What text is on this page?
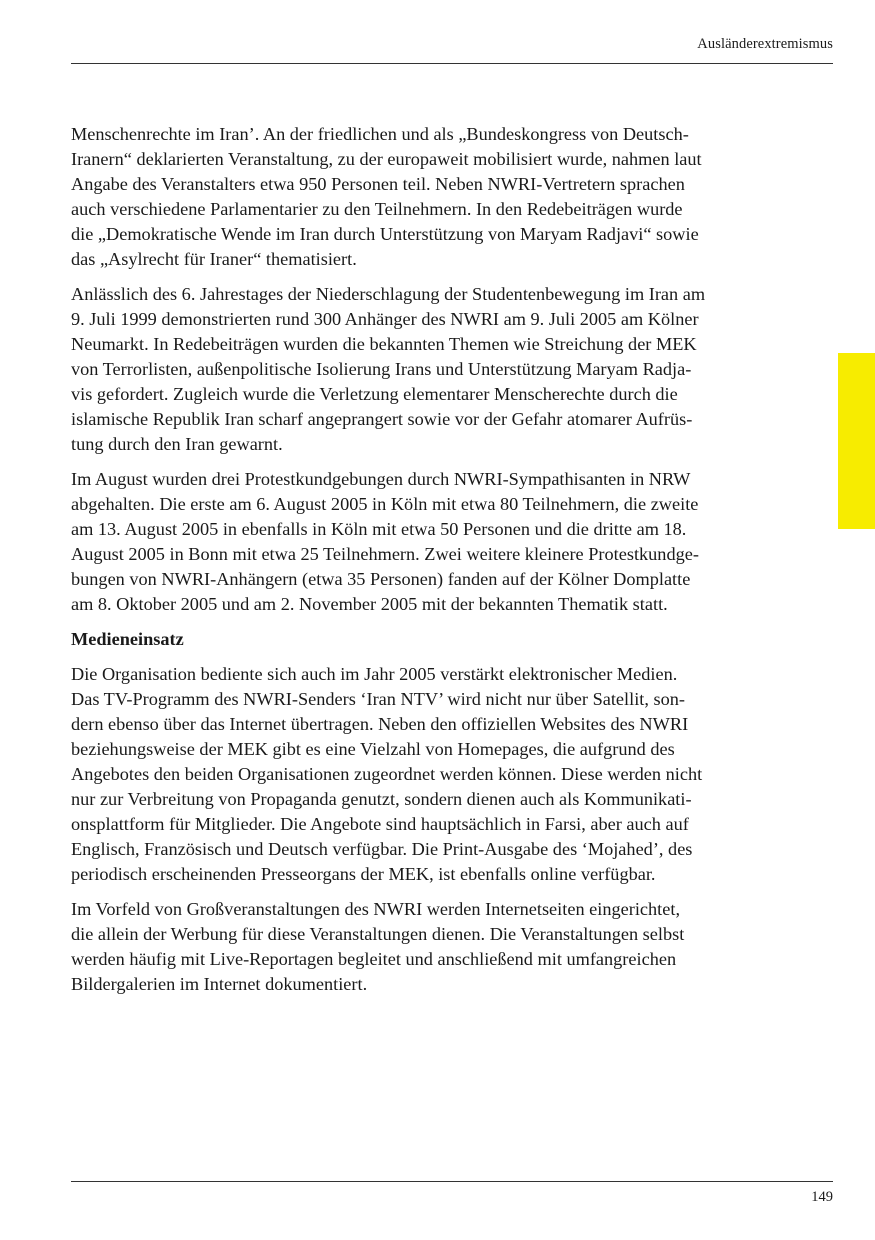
Ausländerextremismus

Menschenrechte im Iran’. An der friedlichen und als „Bundeskongress von Deutsch-
Iranern“ deklarierten Veranstaltung, zu der europaweit mobilisiert wurde, nahmen laut
Angabe des Veranstalters etwa 950 Personen teil. Neben NWRI-Vertretern sprachen
auch verschiedene Parlamentarier zu den Teilnehmern. In den Redebeiträgen wurde
die „Demokratische Wende im Iran durch Unterstützung von Maryam Radjavi“ sowie
das „Asylrecht für Iraner“ thematisiert.

Anlässlich des 6. Jahrestages der Niederschlagung der Studentenbewegung im Iran am
9. Juli 1999 demonstrierten rund 300 Anhänger des NWRI am 9. Juli 2005 am Kölner
Neumarkt. In Redebeiträgen wurden die bekannten Themen wie Streichung der MEK
von Terrorlisten, außenpolitische Isolierung Irans und Unterstützung Maryam Radja-
vis gefordert. Zugleich wurde die Verletzung elementarer Menscherechte durch die
islamische Republik Iran scharf angeprangert sowie vor der Gefahr atomarer Aufrüs-
tung durch den Iran gewarnt.

Im August wurden drei Protestkundgebungen durch NWRI-Sympathisanten in NRW
abgehalten. Die erste am 6. August 2005 in Köln mit etwa 80 Teilnehmern, die zweite
am 13. August 2005 in ebenfalls in Köln mit etwa 50 Personen und die dritte am 18.
August 2005 in Bonn mit etwa 25 Teilnehmern. Zwei weitere kleinere Protestkundge-
bungen von NWRI-Anhängern (etwa 35 Personen) fanden auf der Kölner Domplatte
am 8. Oktober 2005 und am 2. November 2005 mit der bekannten Thematik statt.

Medieneinsatz

Die Organisation bediente sich auch im Jahr 2005 verstärkt elektronischer Medien.
Das TV-Programm des NWRI-Senders ‘Iran NTV’ wird nicht nur über Satellit, son-
dern ebenso über das Internet übertragen. Neben den offiziellen Websites des NWRI
beziehungsweise der MEK gibt es eine Vielzahl von Homepages, die aufgrund des
Angebotes den beiden Organisationen zugeordnet werden können. Diese werden nicht
nur zur Verbreitung von Propaganda genutzt, sondern dienen auch als Kommunikati-
onsplattform für Mitglieder. Die Angebote sind hauptsächlich in Farsi, aber auch auf
Englisch, Französisch und Deutsch verfügbar. Die Print-Ausgabe des ‘Mojahed’, des
periodisch erscheinenden Presseorgans der MEK, ist ebenfalls online verfügbar.

Im Vorfeld von Großveranstaltungen des NWRI werden Internetseiten eingerichtet,
die allein der Werbung für diese Veranstaltungen dienen. Die Veranstaltungen selbst
werden häufig mit Live-Reportagen begleitet und anschließend mit umfangreichen
Bildergalerien im Internet dokumentiert.

149
